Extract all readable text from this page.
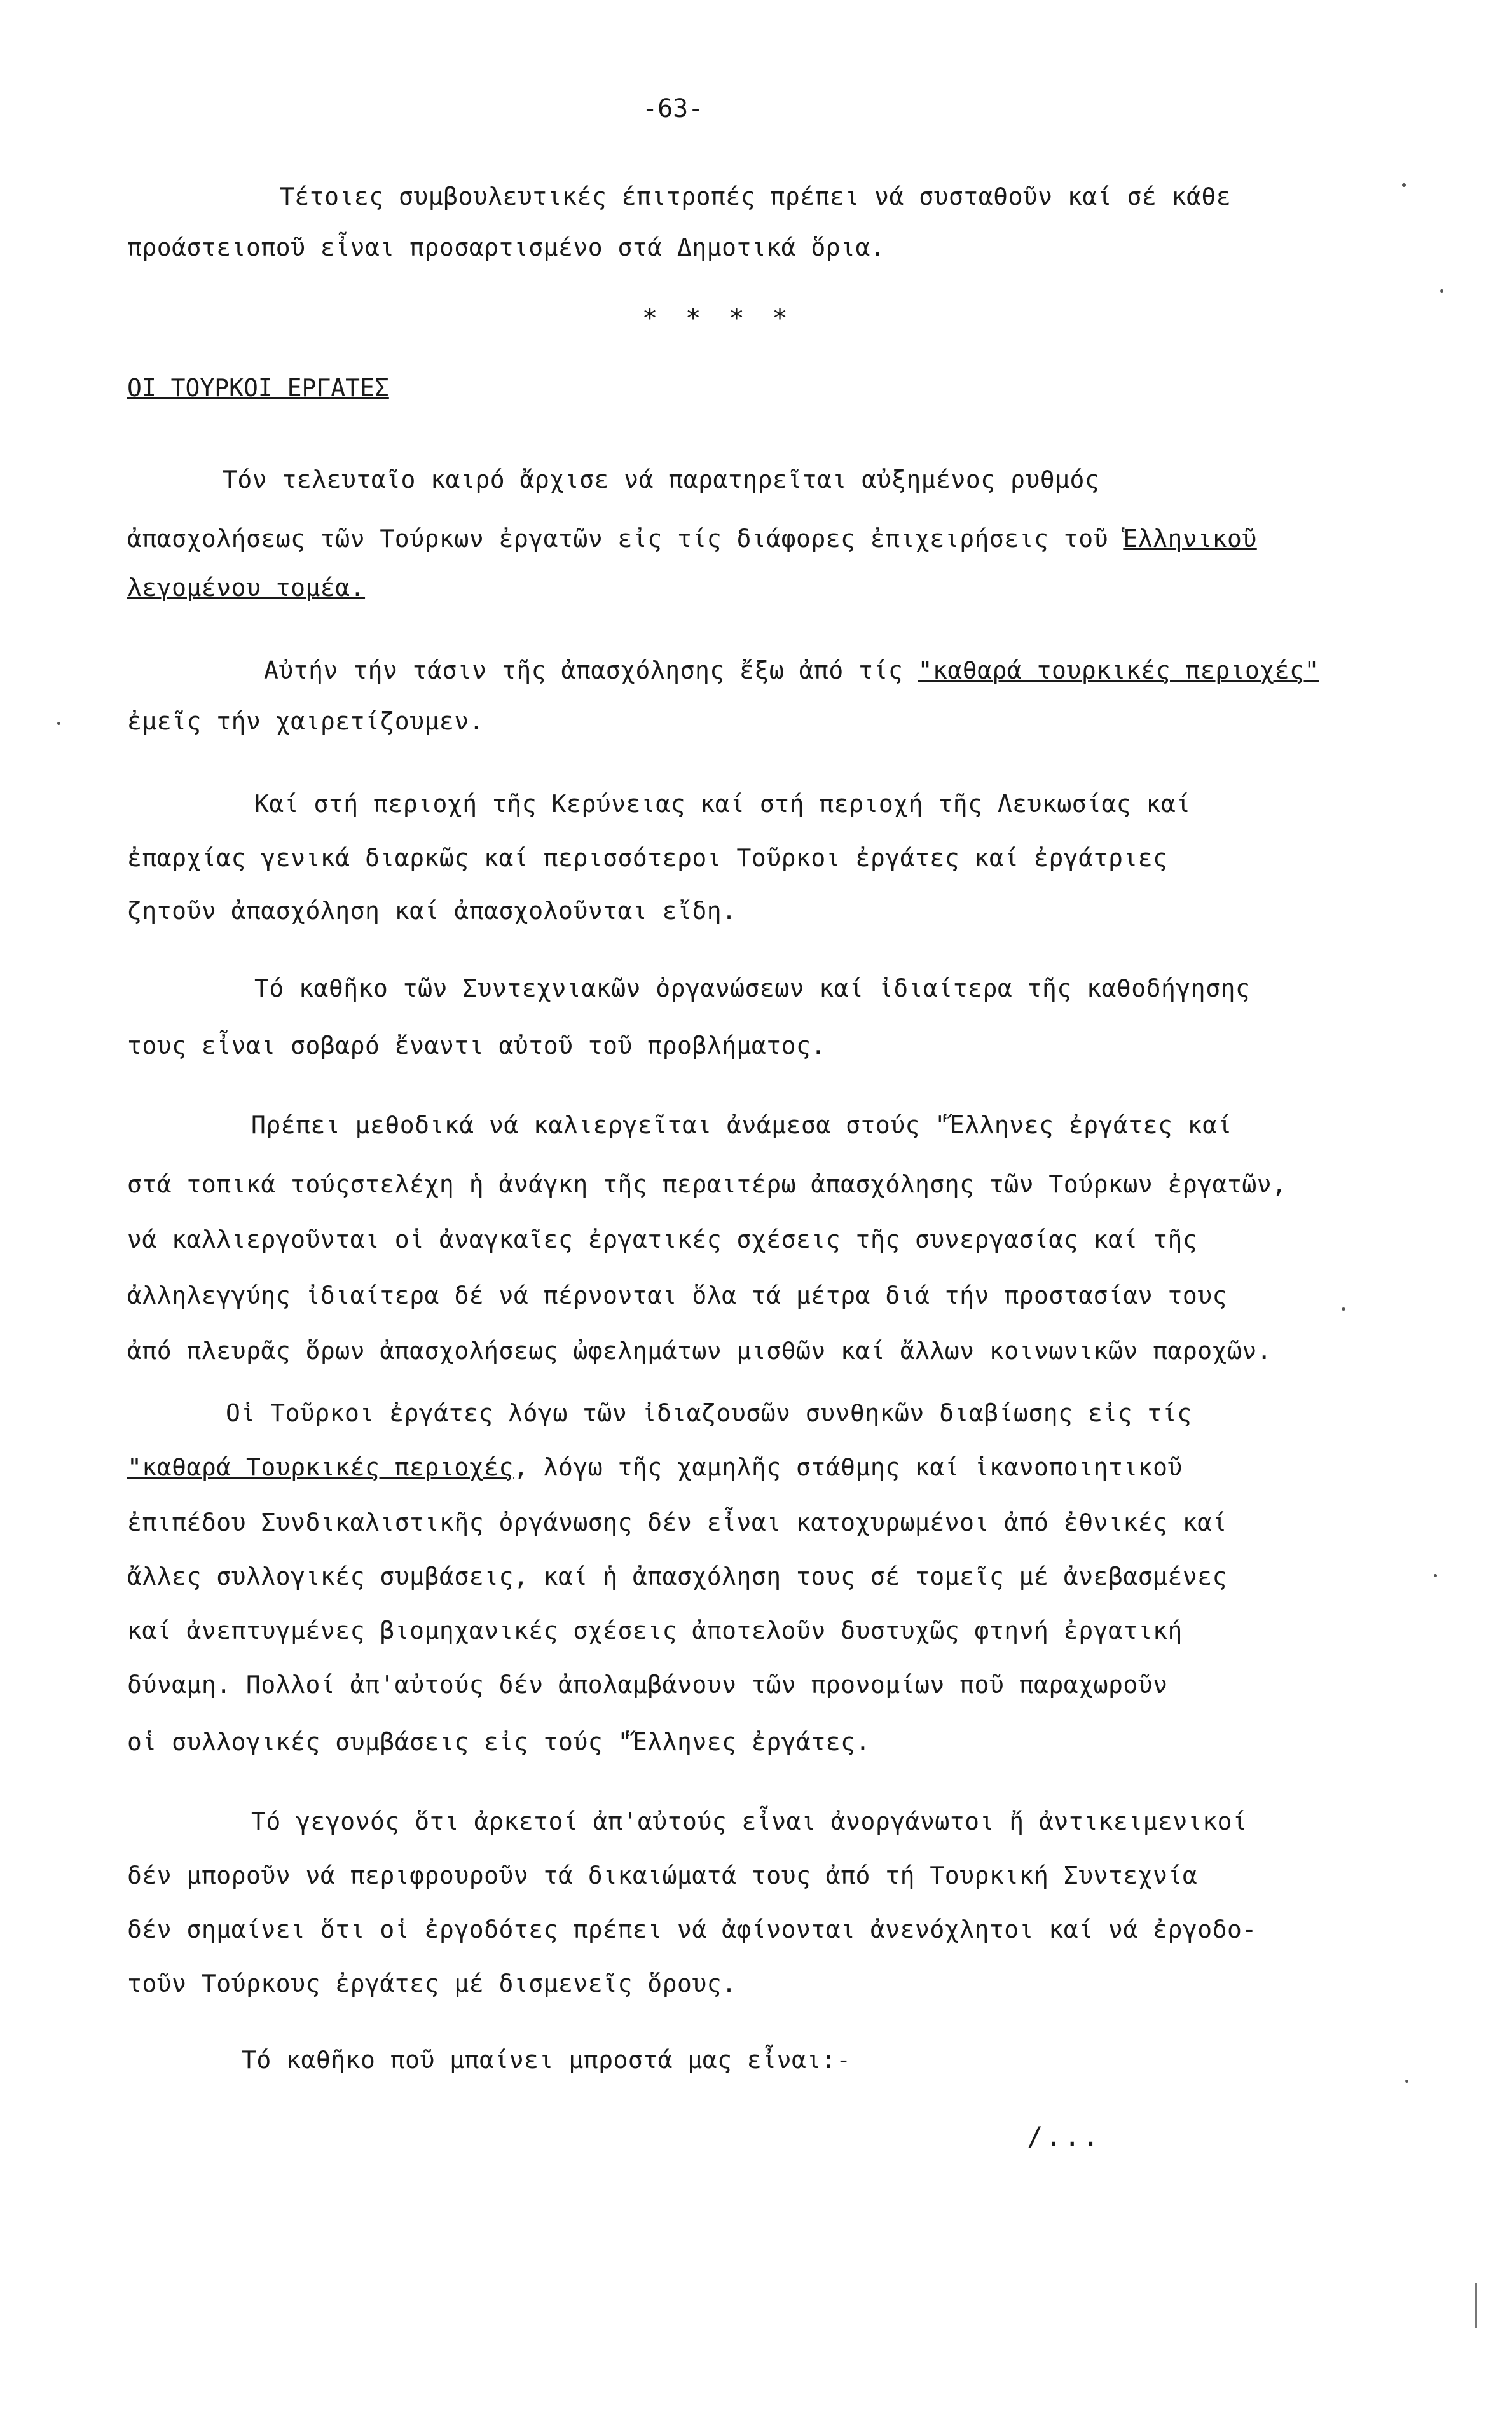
-63-
Τέτοιες συμβουλευτικές έπιτροπές πρέπει νά συσταθοῦν καί σέ κάθε
προάστειοποῦ εἶναι προσαρτισμένο στά Δημοτικά ὅρια.
* * * *
ΟΙ ΤΟΥΡΚΟΙ ΕΡΓΑΤΕΣ
Τόν τελευταῖο καιρό ἄρχισε νά παρατηρεῖται αὐξημένος ρυθμός
ἀπασχολήσεως τῶν Τούρκων ἐργατῶν εἰς τίς διάφορες ἐπιχειρήσεις τοῦ Ἑλληνικοῦ
λεγομένου τομέα.
Αὐτήν τήν τάσιν τῆς ἀπασχόλησης ἔξω ἀπό τίς "καθαρά τουρκικές περιοχές"
ἐμεῖς τήν χαιρετίζουμεν.
Καί στή περιοχή τῆς Κερύνειας καί στή περιοχή τῆς Λευκωσίας καί
ἐπαρχίας γενικά διαρκῶς καί περισσότεροι Τοῦρκοι ἐργάτες καί ἐργάτριες
ζητοῦν ἀπασχόληση καί ἀπασχολοῦνται εἴδη.
Τό καθῆκο τῶν Συντεχνιακῶν ὀργανώσεων καί ἰδιαίτερα τῆς καθοδήγησης
τους εἶναι σοβαρό ἔναντι αὐτοῦ τοῦ προβλήματος.
Πρέπει μεθοδικά νά καλιεργεῖται ἀνάμεσα στούς "Ἕλληνες ἐργάτες καί
στά τοπικά τούςστελέχη ἡ ἀνάγκη τῆς περαιτέρω ἀπασχόλησης τῶν Τούρκων ἐργατῶν,
νά καλλιεργοῦνται οἱ ἀναγκαῖες ἐργατικές σχέσεις τῆς συνεργασίας καί τῆς
ἀλληλεγγύης ἰδιαίτερα δέ νά πέρνονται ὅλα τά μέτρα διά τήν προστασίαν τους
ἀπό πλευρᾶς ὅρων ἀπασχολήσεως ὠφελημάτων μισθῶν καί ἄλλων κοινωνικῶν παροχῶν.
Οἱ Τοῦρκοι ἐργάτες λόγω τῶν ἰδιαζουσῶν συνθηκῶν διαβίωσης εἰς τίς
"καθαρά Τουρκικές περιοχές, λόγω τῆς χαμηλῆς στάθμης καί ἱκανοποιητικοῦ
ἐπιπέδου Συνδικαλιστικῆς ὀργάνωσης δέν εἶναι κατοχυρωμένοι ἀπό ἐθνικές καί
ἄλλες συλλογικές συμβάσεις, καί ἡ ἀπασχόληση τους σέ τομεῖς μέ ἀνεβασμένες
καί ἀνεπτυγμένες βιομηχανικές σχέσεις ἀποτελοῦν δυστυχῶς φτηνή ἐργατική
δύναμη. Πολλοί ἀπ'αὐτούς δέν ἀπολαμβάνουν τῶν προνομίων ποῦ παραχωροῦν
οἱ συλλογικές συμβάσεις εἰς τούς "Ἕλληνες ἐργάτες.
Τό γεγονός ὅτι ἀρκετοί ἀπ'αὐτούς εἶναι ἀνοργάνωτοι ἤ ἀντικειμενικοί
δέν μποροῦν νά περιφρουροῦν τά δικαιώματά τους ἀπό τή Τουρκική Συντεχνία
δέν σημαίνει ὅτι οἱ ἐργοδότες πρέπει νά ἀφίνονται ἀνενόχλητοι καί νά ἐργοδο-
τοῦν Τούρκους ἐργάτες μέ δισμενεῖς ὅρους.
Τό καθῆκο ποῦ μπαίνει μπροστά μας εἶναι:-
/...
